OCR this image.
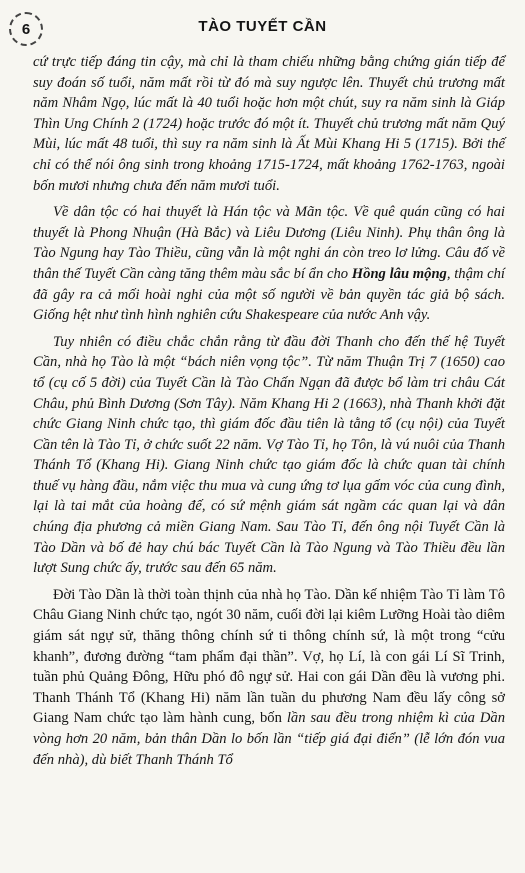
6	TÀO TUYẾT CẦN

cứ trực tiếp đáng tin cậy, mà chỉ là tham chiếu những bằng chứng gián tiếp để suy đoán số tuổi, năm mất rồi từ đó mà suy ngược lên. Thuyết chủ trương mất năm Nhâm Ngọ, lúc mất là 40 tuổi hoặc hơn một chút, suy ra năm sinh là Giáp Thìn Ung Chính 2 (1724) hoặc trước đó một ít. Thuyết chủ trương mất năm Quý Mùi, lúc mất 48 tuổi, thì suy ra năm sinh là Ất Mùi Khang Hi 5 (1715). Bởi thế chỉ có thể nói ông sinh trong khoảng 1715-1724, mất khoảng 1762-1763, ngoài bốn mươi nhưng chưa đến năm mươi tuổi.

Về dân tộc có hai thuyết là Hán tộc và Mãn tộc. Về quê quán cũng có hai thuyết là Phong Nhuận (Hà Bắc) và Liêu Dương (Liêu Ninh). Phụ thân ông là Tào Ngung hay Tào Thiều, cũng vẫn là một nghi án còn treo lơ lửng. Câu đố về thân thế Tuyết Cần càng tăng thêm màu sắc bí ẩn cho Hồng lâu mộng, thậm chí đã gây ra cả mối hoài nghi của một số người về bản quyền tác giả bộ sách. Giống hệt như tình hình nghiên cứu Shakespeare của nước Anh vậy.

Tuy nhiên có điều chắc chắn rằng từ đầu đời Thanh cho đến thế hệ Tuyết Cần, nhà họ Tào là một “bách niên vọng tộc”. Từ năm Thuận Trị 7 (1650) cao tổ (cụ cố 5 đời) của Tuyết Cần là Tào Chấn Ngạn đã được bổ làm tri châu Cát Châu, phủ Bình Dương (Sơn Tây). Năm Khang Hi 2 (1663), nhà Thanh khởi đặt chức Giang Ninh chức tạo, thì giám đốc đầu tiên là tằng tổ (cụ nội) của Tuyết Cần tên là Tào Tỉ, ở chức suốt 22 năm. Vợ Tào Tỉ, họ Tôn, là vú nuôi của Thanh Thánh Tổ (Khang Hi). Giang Ninh chức tạo giám đốc là chức quan tài chính thuế vụ hàng đầu, nắm việc thu mua và cung ứng tơ lụa gấm vóc của cung đình, lại là tai mắt của hoàng đế, có sứ mệnh giám sát ngầm các quan lại và dân chúng địa phương cả miền Giang Nam. Sau Tào Tỉ, đến ông nội Tuyết Cần là Tào Dần và bố đẻ hay chú bác Tuyết Cần là Tào Ngung và Tào Thiều đều lần lượt Sung chức ấy, trước sau đến 65 năm.

Đời Tào Dần là thời toàn thịnh của nhà họ Tào. Dần kế nhiệm Tào Tỉ làm Tô Châu Giang Ninh chức tạo, ngót 30 năm, cuối đời lại kiêm Lưỡng Hoài tào diêm giám sát ngự sử, thăng thông chính sứ ti thông chính sứ, là một trong “cửu khanh”, đương đường “tam phẩm đại thần”. Vợ, họ Lí, là con gái Lí Sĩ Trinh, tuần phủ Quảng Đông, Hữu phó đô ngự sử. Hai con gái Dần đều là vương phi. Thanh Thánh Tổ (Khang Hi) năm lần tuần du phương Nam đều lấy công sở Giang Nam chức tạo làm hành cung, bốn lần sau đều trong nhiệm kì của Dần vòng hơn 20 năm, bản thân Dần lo bốn lần “tiếp giá đại điển” (lễ lớn đón vua đến nhà), dù biết Thanh Thánh Tổ
